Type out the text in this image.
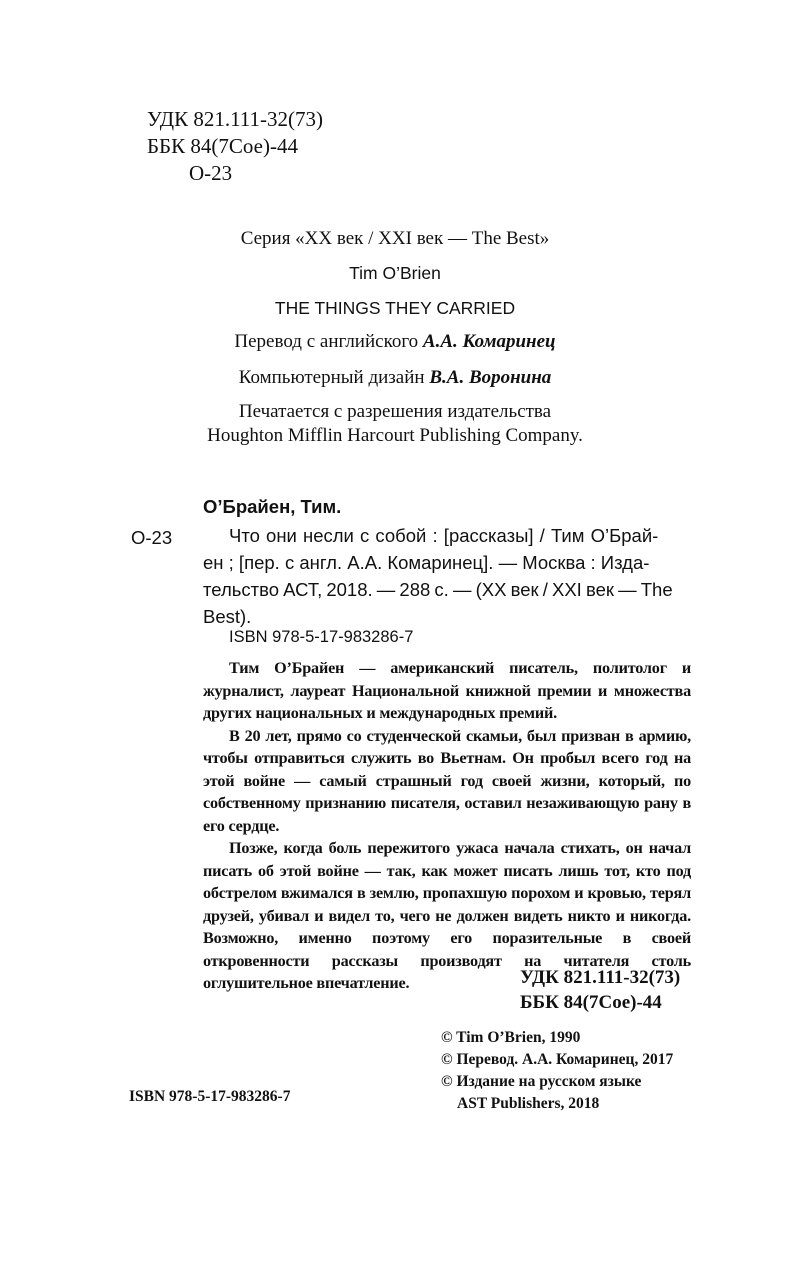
УДК 821.111-32(73)
ББК 84(7Сое)-44
О-23
Серия «XX век / XXI век — The Best»
Tim O’Brien
THE THINGS THEY CARRIED
Перевод с английского А.А. Комаринец
Компьютерный дизайн В.А. Воронина
Печатается с разрешения издательства
Houghton Mifflin Harcourt Publishing Company.
О’Брайен, Тим.
О-23	Что они несли с собой : [рассказы] / Тим О’Брай-
ен ; [пер. с англ. А.А. Комаринец]. — Москва : Изда-
тельство АСТ, 2018. — 288 с. — (XX век / XXI век — The
Best).
ISBN 978-5-17-983286-7
Тим О’Брайен — американский писатель, политолог и журналист, лауреат Национальной книжной премии и множества других национальных и международных премий.
В 20 лет, прямо со студенческой скамьи, был призван в армию, чтобы отправиться служить во Вьетнам. Он пробыл всего год на этой войне — самый страшный год своей жизни, который, по собственному признанию писателя, оставил незаживающую рану в его сердце.
Позже, когда боль пережитого ужаса начала стихать, он начал писать об этой войне — так, как может писать лишь тот, кто под обстрелом вжимался в землю, пропахшую порохом и кровью, терял друзей, убивал и видел то, чего не должен видеть никто и никогда. Возможно, именно поэтому его поразительные в своей откровенности рассказы производят на читателя столь оглушительное впечатление.	УДК 821.111-32(73)
ББК 84(7Сое)-44
© Tim O’Brien, 1990
© Перевод. А.А. Комаринец, 2017
© Издание на русском языке
AST Publishers, 2018
ISBN 978-5-17-983286-7
